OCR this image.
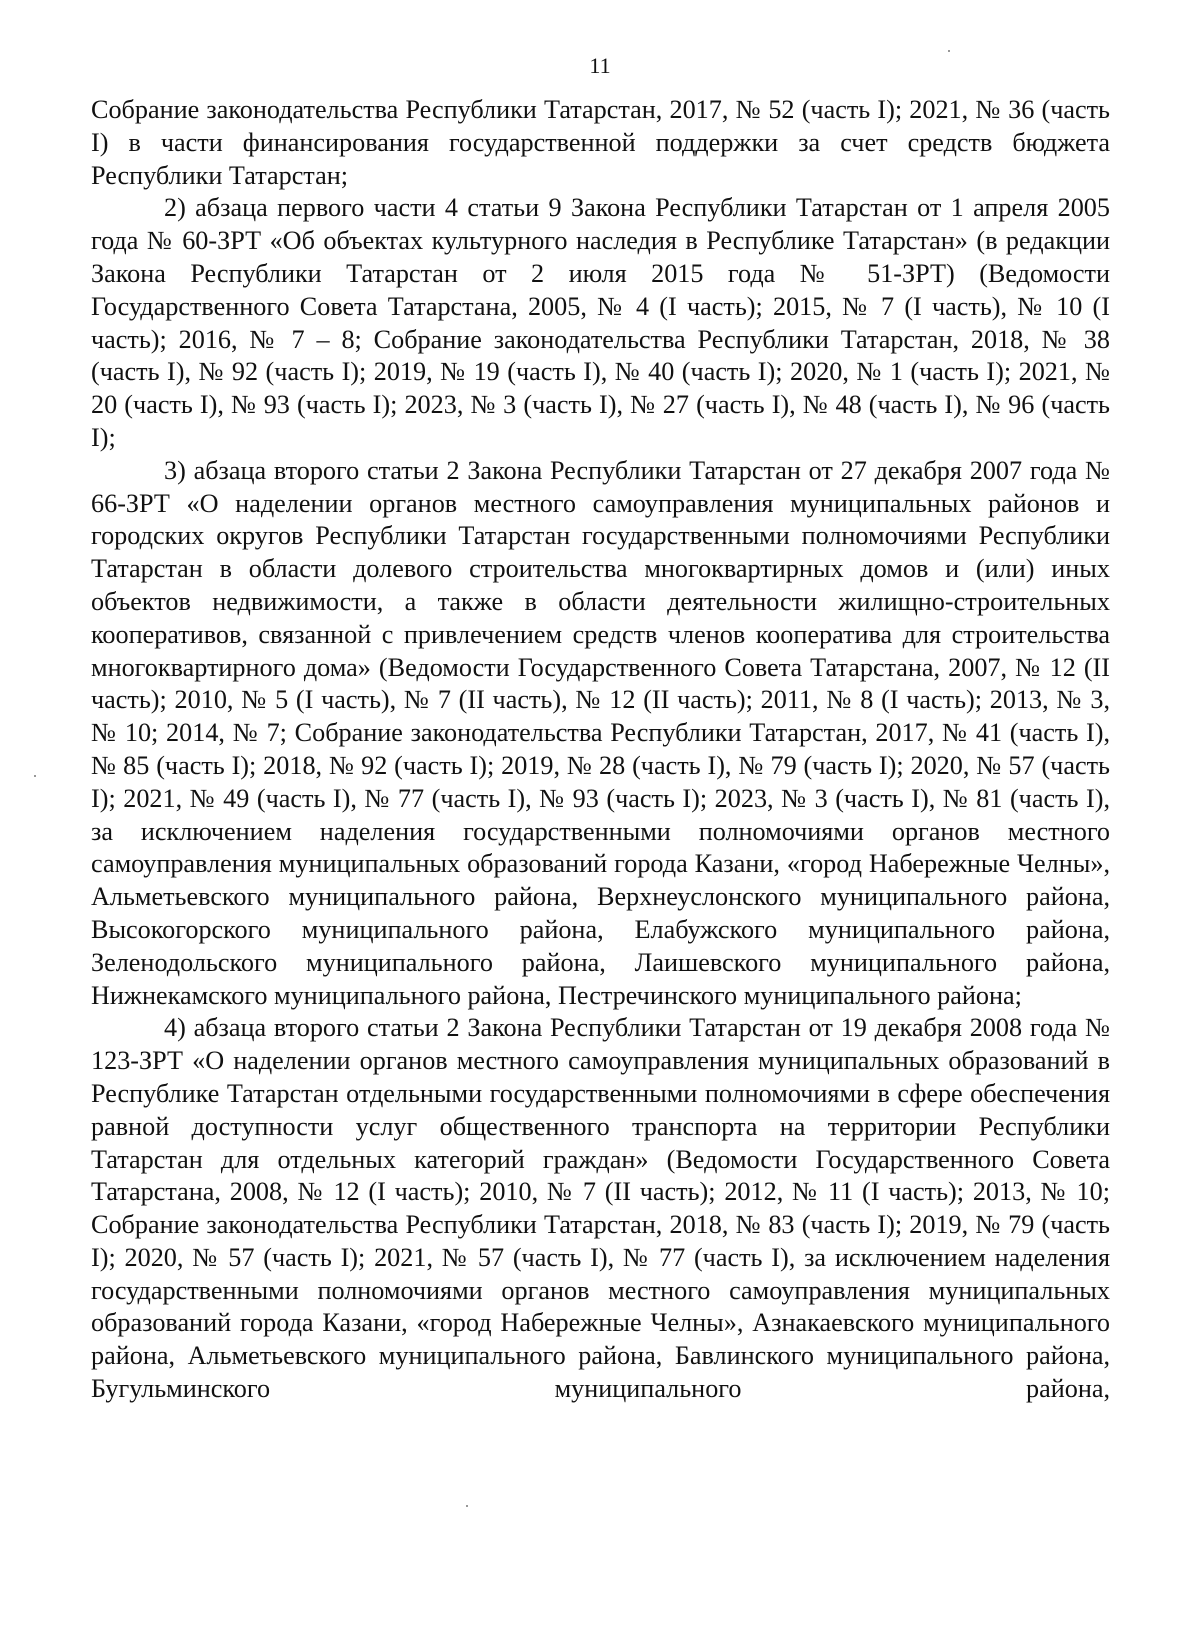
11

Собрание законодательства Республики Татарстан, 2017, № 52 (часть I); 2021, № 36 (часть I) в части финансирования государственной поддержки за счет средств бюджета Республики Татарстан;

2) абзаца первого части 4 статьи 9 Закона Республики Татарстан от 1 апреля 2005 года № 60-ЗРТ «Об объектах культурного наследия в Республике Татарстан» (в редакции Закона Республики Татарстан от 2 июля 2015 года № 51-ЗРТ) (Ведомости Государственного Совета Татарстана, 2005, № 4 (I часть); 2015, № 7 (I часть), № 10 (I часть); 2016, № 7 – 8; Собрание законодательства Республики Татарстан, 2018, № 38 (часть I), № 92 (часть I); 2019, № 19 (часть I), № 40 (часть I); 2020, № 1 (часть I); 2021, № 20 (часть I), № 93 (часть I); 2023, № 3 (часть I), № 27 (часть I), № 48 (часть I), № 96 (часть I);

3) абзаца второго статьи 2 Закона Республики Татарстан от 27 декабря 2007 года № 66-ЗРТ «О наделении органов местного самоуправления муниципальных районов и городских округов Республики Татарстан государственными полномочиями Республики Татарстан в области долевого строительства многоквартирных домов и (или) иных объектов недвижимости, а также в области деятельности жилищно-строительных кооперативов, связанной с привлечением средств членов кооператива для строительства многоквартирного дома» (Ведомости Государственного Совета Татарстана, 2007, № 12 (II часть); 2010, № 5 (I часть), № 7 (II часть), № 12 (II часть); 2011, № 8 (I часть); 2013, № 3, № 10; 2014, № 7; Собрание законодательства Республики Татарстан, 2017, № 41 (часть I), № 85 (часть I); 2018, № 92 (часть I); 2019, № 28 (часть I), № 79 (часть I); 2020, № 57 (часть I); 2021, № 49 (часть I), № 77 (часть I), № 93 (часть I); 2023, № 3 (часть I), № 81 (часть I), за исключением наделения государственными полномочиями органов местного самоуправления муниципальных образований города Казани, «город Набережные Челны», Альметьевского муниципального района, Верхнеуслонского муниципального района, Высокогорского муниципального района, Елабужского муниципального района, Зеленодольского муниципального района, Лаишевского муниципального района, Нижнекамского муниципального района, Пестречинского муниципального района;

4) абзаца второго статьи 2 Закона Республики Татарстан от 19 декабря 2008 года № 123-ЗРТ «О наделении органов местного самоуправления муниципальных образований в Республике Татарстан отдельными государственными полномочиями в сфере обеспечения равной доступности услуг общественного транспорта на территории Республики Татарстан для отдельных категорий граждан» (Ведомости Государственного Совета Татарстана, 2008, № 12 (I часть); 2010, № 7 (II часть); 2012, № 11 (I часть); 2013, № 10; Собрание законодательства Республики Татарстан, 2018, № 83 (часть I); 2019, № 79 (часть I); 2020, № 57 (часть I); 2021, № 57 (часть I), № 77 (часть I), за исключением наделения государственными полномочиями органов местного самоуправления муниципальных образований города Казани, «город Набережные Челны», Азнакаевского муниципального района, Альметьевского муниципального района, Бавлинского муниципального района, Бугульминского муниципального района,
